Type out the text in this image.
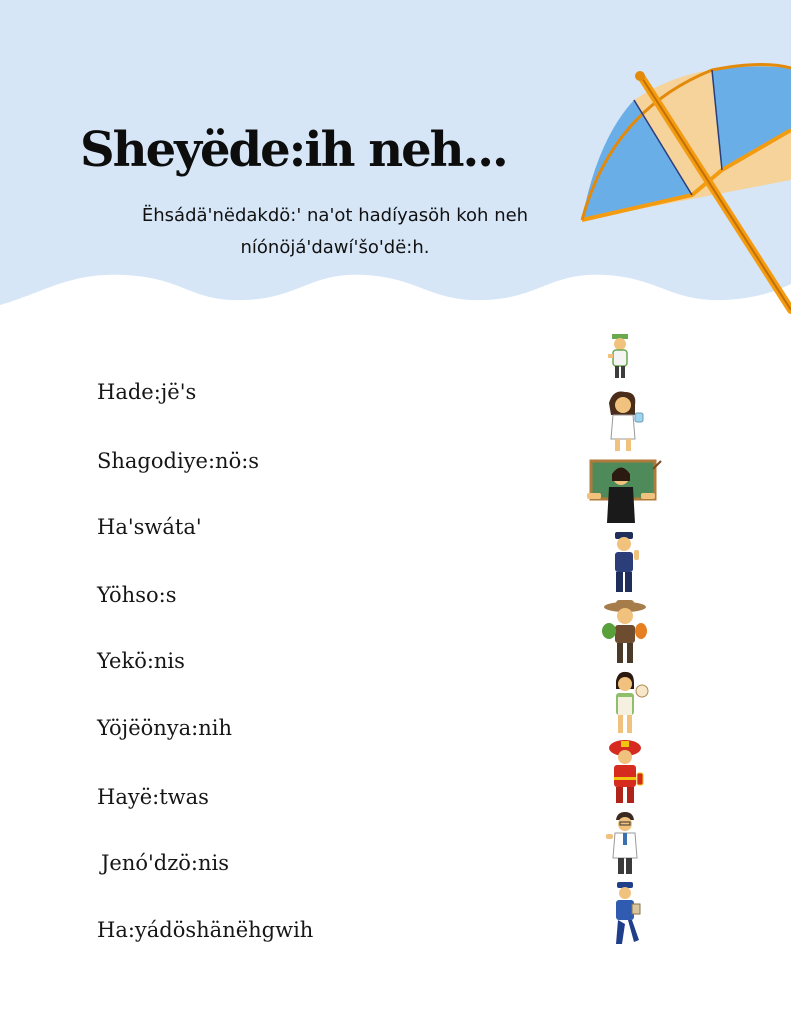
Sheyëde:ih neh...
Ëhsádä'nëdakdö:' na'ot hadíyasöh koh neh
níónöjá'dawí'šo'dë:h.
Hade:jë's
Shagodiye:nö:s
Ha'swáta'
Yöhso:s
Yekö:nis
Yöjëönya:nih
Hayë:twas
Jenó'dzö:nis
Ha:yádöshänëhgwih
